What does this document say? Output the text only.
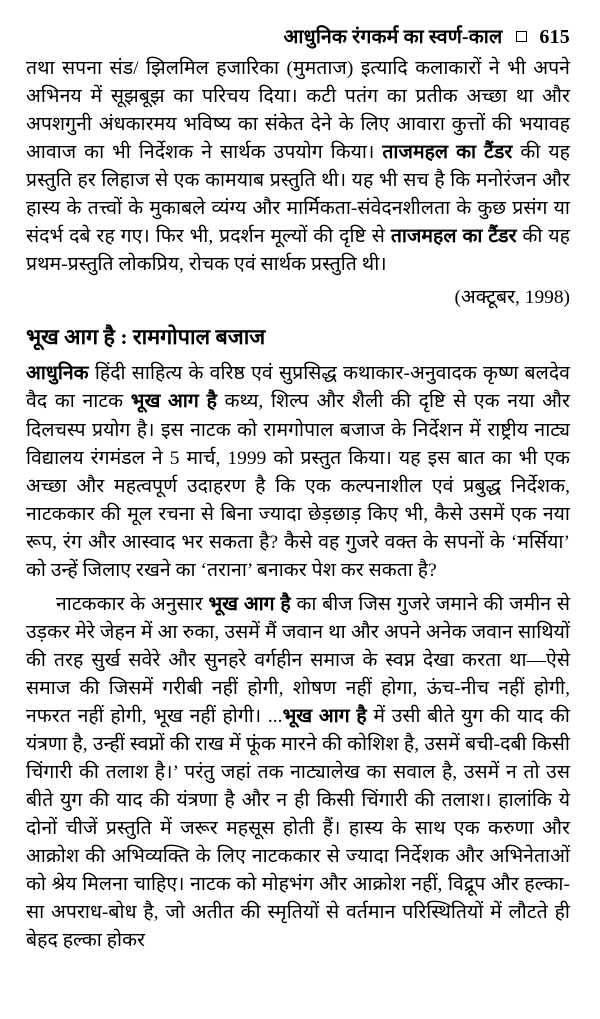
आधुनिक रंगकर्म का स्वर्ण-काल 615

तथा सपना संड/ झिलमिल हजारिका (मुमताज) इत्यादि कलाकारों ने भी अपने अभिनय में सूझबूझ का परिचय दिया। कटी पतंग का प्रतीक अच्छा था और अपशगुनी अंधकारमय भविष्य का संकेत देने के लिए आवारा कुत्तों की भयावह आवाज का भी निर्देशक ने सार्थक उपयोग किया। ताजमहल का टैंडर की यह प्रस्तुति हर लिहाज से एक कामयाब प्रस्तुति थी। यह भी सच है कि मनोरंजन और हास्य के तत्त्वों के मुकाबले व्यंग्य और मार्मिकता-संवेदनशीलता के कुछ प्रसंग या संदर्भ दबे रह गए। फिर भी, प्रदर्शन मूल्यों की दृष्टि से ताजमहल का टैंडर की यह प्रथम-प्रस्तुति लोकप्रिय, रोचक एवं सार्थक प्रस्तुति थी।

(अक्टूबर, 1998)
भूख आग है : रामगोपाल बजाज

आधुनिक हिंदी साहित्य के वरिष्ठ एवं सुप्रसिद्ध कथाकार-अनुवादक कृष्ण बलदेव वैद का नाटक भूख आग है कथ्य, शिल्प और शैली की दृष्टि से एक नया और दिलचस्प प्रयोग है। इस नाटक को रामगोपाल बजाज के निर्देशन में राष्ट्रीय नाट्य विद्यालय रंगमंडल ने 5 मार्च, 1999 को प्रस्तुत किया। यह इस बात का भी एक अच्छा और महत्वपूर्ण उदाहरण है कि एक कल्पनाशील एवं प्रबुद्ध निर्देशक, नाटककार की मूल रचना से बिना ज्यादा छेड़छाड़ किए भी, कैसे उसमें एक नया रूप, रंग और आस्वाद भर सकता है? कैसे वह गुजरे वक्त के सपनों के ‘मर्सिया’ को उन्हें जिलाए रखने का ‘तराना’ बनाकर पेश कर सकता है?

नाटककार के अनुसार भूख आग है का बीज जिस गुजरे जमाने की जमीन से उड़कर मेरे जेहन में आ रुका, उसमें मैं जवान था और अपने अनेक जवान साथियों की तरह सुर्ख सवेरे और सुनहरे वर्गहीन समाज के स्वप्न देखा करता था—ऐसे समाज की जिसमें गरीबी नहीं होगी, शोषण नहीं होगा, ऊंच-नीच नहीं होगी, नफरत नहीं होगी, भूख नहीं होगी। ...भूख आग है में उसी बीते युग की याद की यंत्रणा है, उन्हीं स्वप्नों की राख में फूंक मारने की कोशिश है, उसमें बची-दबी किसी चिंगारी की तलाश है।’ परंतु जहां तक नाट्यालेख का सवाल है, उसमें न तो उस बीते युग की याद की यंत्रणा है और न ही किसी चिंगारी की तलाश। हालांकि ये दोनों चीजें प्रस्तुति में जरूर महसूस होती हैं। हास्य के साथ एक करुणा और आक्रोश की अभिव्यक्ति के लिए नाटककार से ज्यादा निर्देशक और अभिनेताओं को श्रेय मिलना चाहिए। नाटक को मोहभंग और आक्रोश नहीं, विद्रूप और हल्का-सा अपराध-बोध है, जो अतीत की स्मृतियों से वर्तमान परिस्थितियों में लौटते ही बेहद हल्का होकर
